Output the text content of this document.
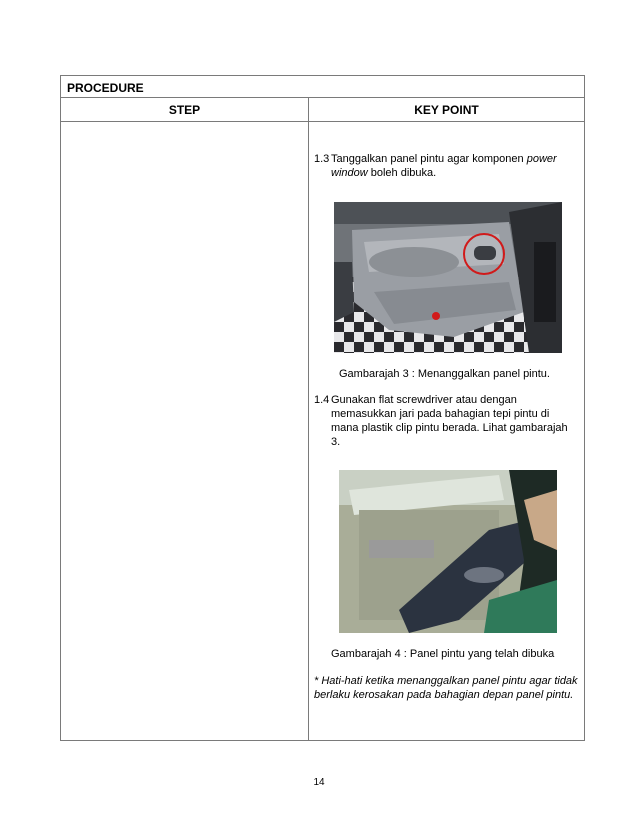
PROCEDURE
STEP	KEY POINT
1.3 Tanggalkan panel pintu agar komponen power window boleh dibuka.
Gambarajah 3 : Menanggalkan panel pintu.
1.4 Gunakan flat screwdriver atau dengan memasukkan jari pada bahagian tepi pintu di mana plastik clip pintu berada. Lihat gambarajah 3.
Gambarajah 4 : Panel pintu yang telah dibuka
* Hati-hati ketika menanggalkan panel pintu agar tidak berlaku kerosakan pada bahagian depan panel pintu.
14
